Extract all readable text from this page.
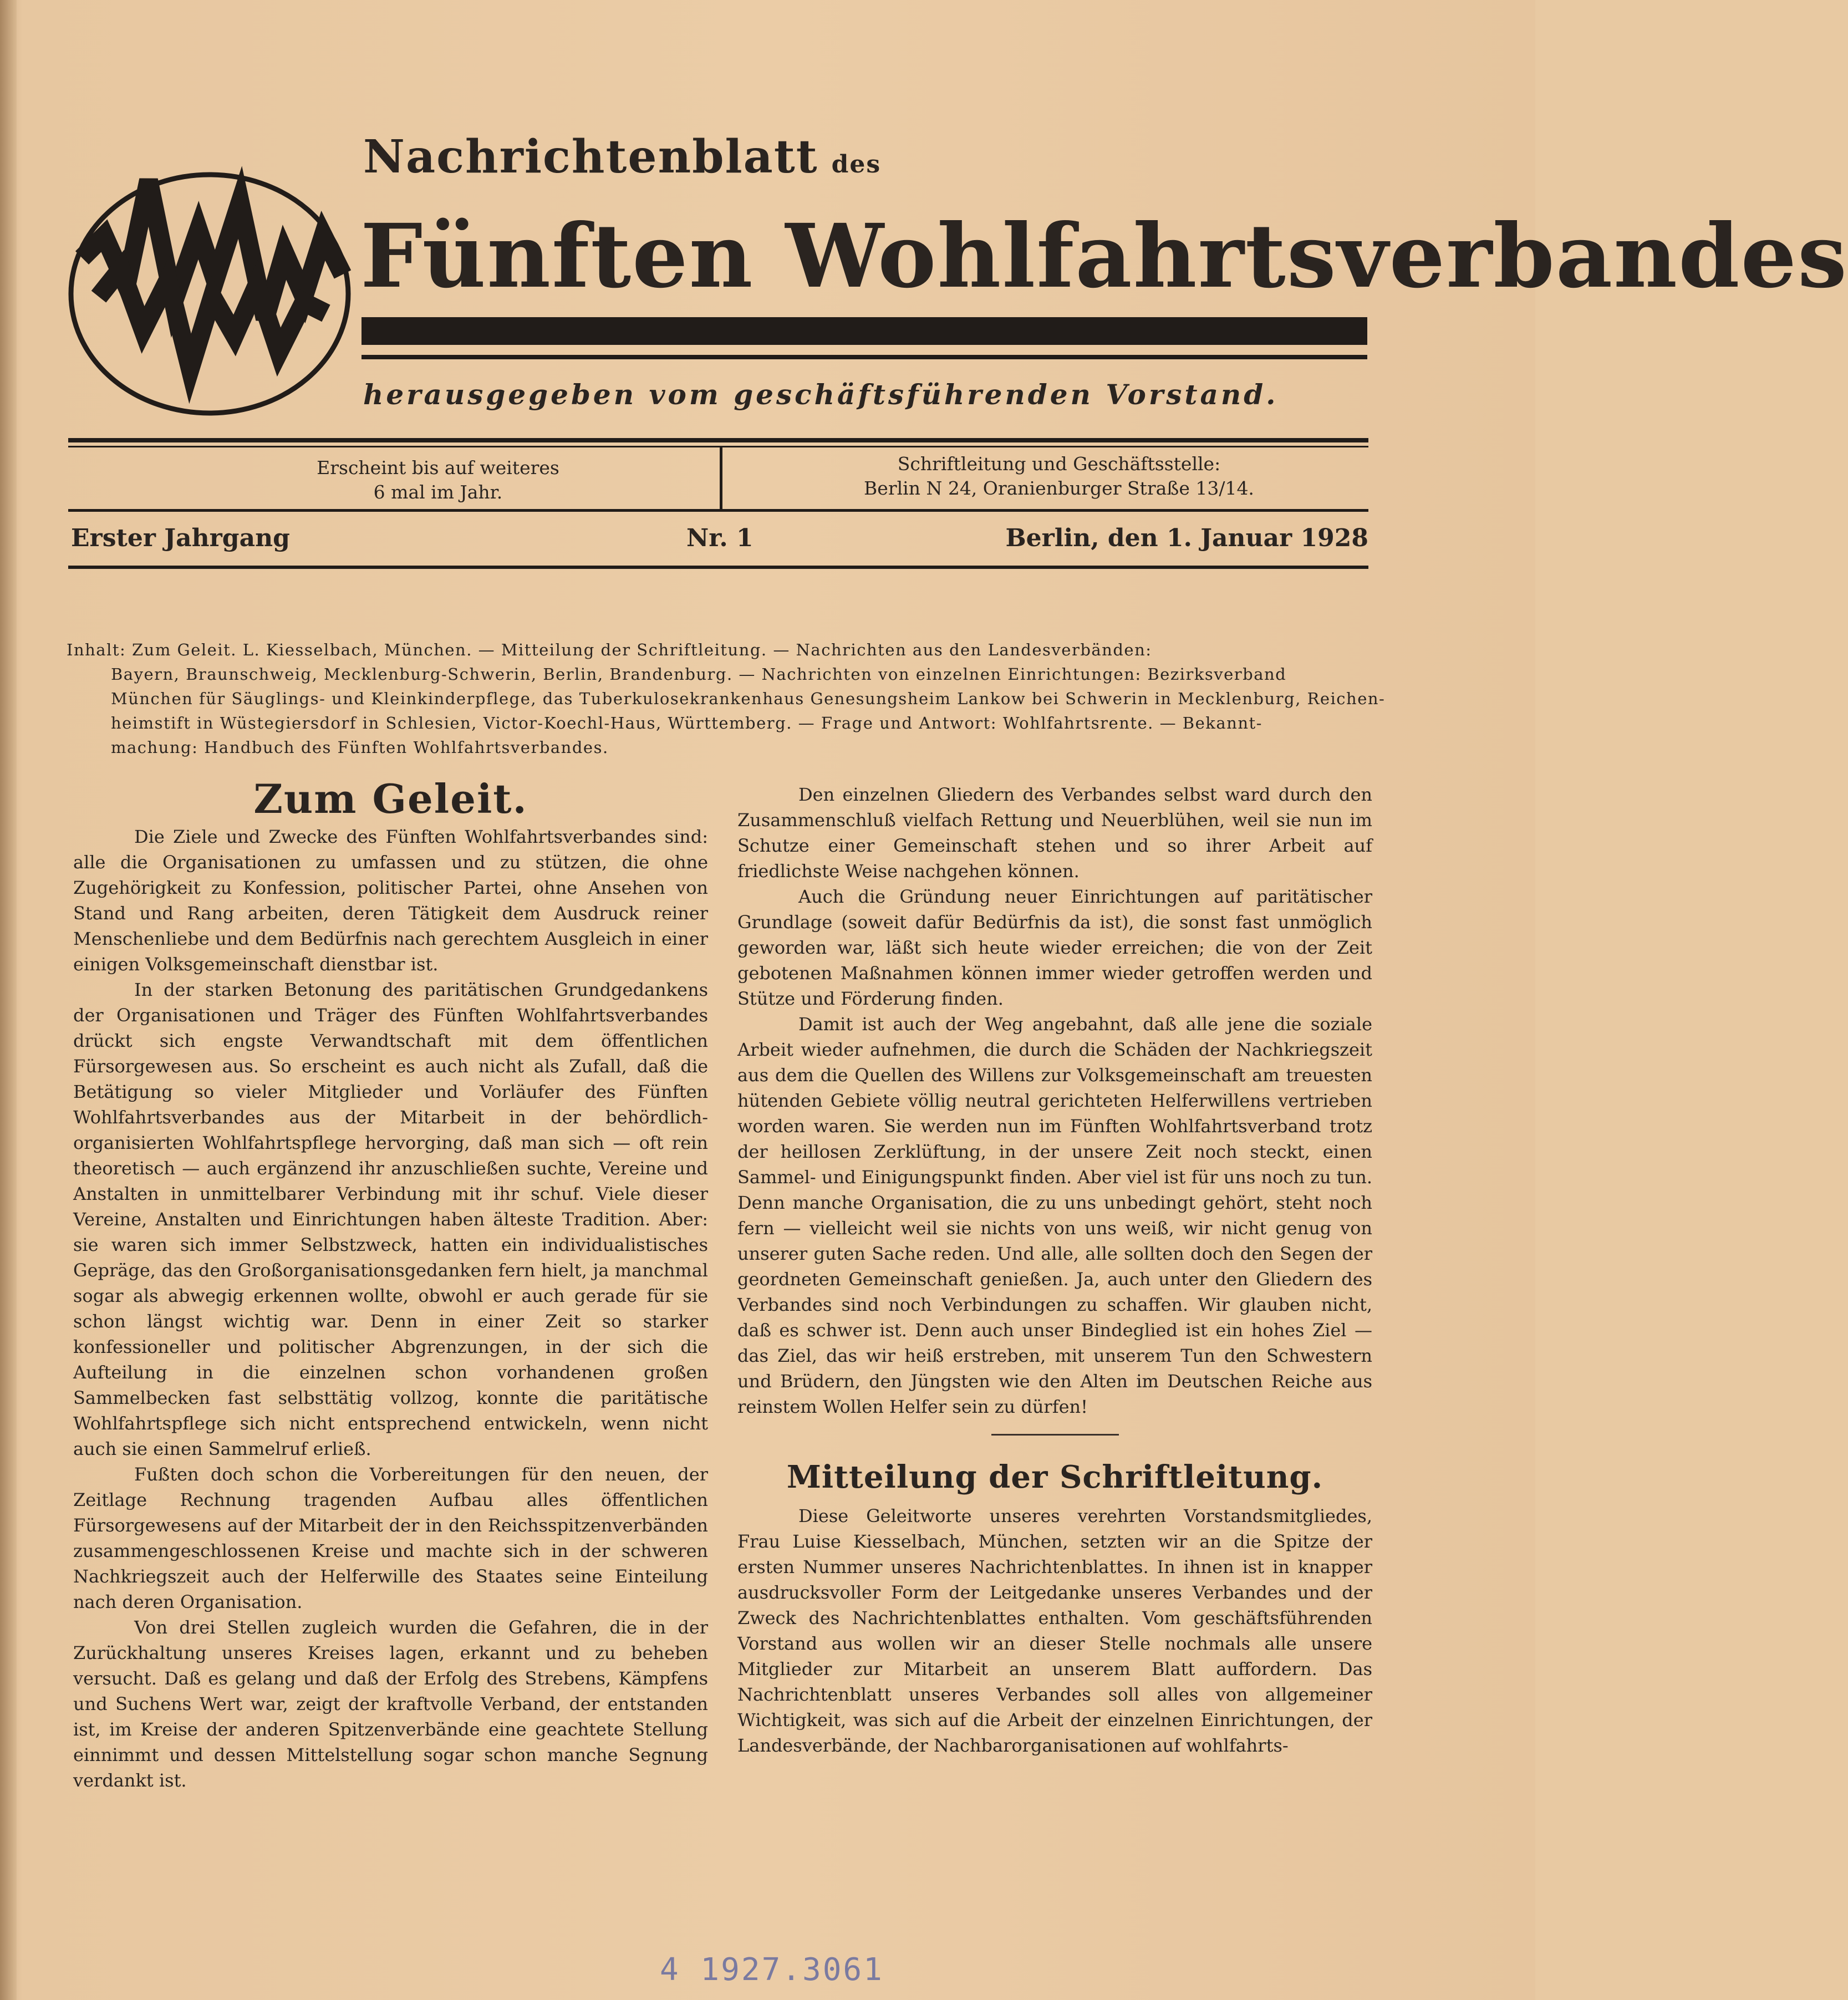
Nachrichtenblatt des
Fünften Wohlfahrtsverbandes
herausgegeben vom geschäftsführenden Vorstand.
Erscheint bis auf weiteres
6 mal im Jahr.
Schriftleitung und Geschäftsstelle:
Berlin N 24, Oranienburger Straße 13/14.
Erster Jahrgang	Nr. 1	Berlin, den 1. Januar 1928
Inhalt: Zum Geleit. L. Kiesselbach, München. — Mitteilung der Schriftleitung. — Nachrichten aus den Landesverbänden:
Bayern, Braunschweig, Mecklenburg-Schwerin, Berlin, Brandenburg. — Nachrichten von einzelnen Einrichtungen: Bezirksverband
München für Säuglings- und Kleinkinderpflege, das Tuberkulosekrankenhaus Genesungsheim Lankow bei Schwerin in Mecklenburg, Reichen-
heimstift in Wüstegiersdorf in Schlesien, Victor-Koechl-Haus, Württemberg. — Frage und Antwort: Wohlfahrtsrente. — Bekannt-
machung: Handbuch des Fünften Wohlfahrtsverbandes.
Zum Geleit.

Die Ziele und Zwecke des Fünften Wohlfahrtsverbandes sind: alle die Organisationen zu umfassen und zu stützen, die ohne Zugehörigkeit zu Konfession, politischer Partei, ohne Ansehen von Stand und Rang arbeiten, deren Tätigkeit dem Ausdruck reiner Menschenliebe und dem Bedürfnis nach gerechtem Ausgleich in einer einigen Volksgemeinschaft dienstbar ist.

In der starken Betonung des paritätischen Grundgedankens der Organisationen und Träger des Fünften Wohlfahrtsverbandes drückt sich engste Verwandtschaft mit dem öffentlichen Fürsorgewesen aus. So erscheint es auch nicht als Zufall, daß die Betätigung so vieler Mitglieder und Vorläufer des Fünften Wohlfahrtsverbandes aus der Mitarbeit in der behördlich-organisierten Wohlfahrtspflege hervorging, daß man sich — oft rein theoretisch — auch ergänzend ihr anzuschließen suchte, Vereine und Anstalten in unmittelbarer Verbindung mit ihr schuf. Viele dieser Vereine, Anstalten und Einrichtungen haben älteste Tradition. Aber: sie waren sich immer Selbstzweck, hatten ein individualistisches Gepräge, das den Großorganisationsgedanken fern hielt, ja manchmal sogar als abwegig erkennen wollte, obwohl er auch gerade für sie schon längst wichtig war. Denn in einer Zeit so starker konfessioneller und politischer Abgrenzungen, in der sich die Aufteilung in die einzelnen schon vorhandenen großen Sammelbecken fast selbsttätig vollzog, konnte die paritätische Wohlfahrtspflege sich nicht entsprechend entwickeln, wenn nicht auch sie einen Sammelruf erließ.

Fußten doch schon die Vorbereitungen für den neuen, der Zeitlage Rechnung tragenden Aufbau alles öffentlichen Fürsorgewesens auf der Mitarbeit der in den Reichsspitzenverbänden zusammengeschlossenen Kreise und machte sich in der schweren Nachkriegszeit auch der Helferwille des Staates seine Einteilung nach deren Organisation.

Von drei Stellen zugleich wurden die Gefahren, die in der Zurückhaltung unseres Kreises lagen, erkannt und zu beheben versucht. Daß es gelang und daß der Erfolg des Strebens, Kämpfens und Suchens Wert war, zeigt der kraftvolle Verband, der entstanden ist, im Kreise der anderen Spitzenverbände eine geachtete Stellung einnimmt und dessen Mittelstellung sogar schon manche Segnung verdankt ist.

Den einzelnen Gliedern des Verbandes selbst ward durch den Zusammenschluß vielfach Rettung und Neuerblühen, weil sie nun im Schutze einer Gemeinschaft stehen und so ihrer Arbeit auf friedlichste Weise nachgehen können.

Auch die Gründung neuer Einrichtungen auf paritätischer Grundlage (soweit dafür Bedürfnis da ist), die sonst fast unmöglich geworden war, läßt sich heute wieder erreichen; die von der Zeit gebotenen Maßnahmen können immer wieder getroffen werden und Stütze und Förderung finden.

Damit ist auch der Weg angebahnt, daß alle jene die soziale Arbeit wieder aufnehmen, die durch die Schäden der Nachkriegszeit aus dem die Quellen des Willens zur Volksgemeinschaft am treuesten hütenden Gebiete völlig neutral gerichteten Helferwillens vertrieben worden waren. Sie werden nun im Fünften Wohlfahrtsverband trotz der heillosen Zerklüftung, in der unsere Zeit noch steckt, einen Sammel- und Einigungspunkt finden. Aber viel ist für uns noch zu tun. Denn manche Organisation, die zu uns unbedingt gehört, steht noch fern — vielleicht weil sie nichts von uns weiß, wir nicht genug von unserer guten Sache reden. Und alle, alle sollten doch den Segen der geordneten Gemeinschaft genießen. Ja, auch unter den Gliedern des Verbandes sind noch Verbindungen zu schaffen. Wir glauben nicht, daß es schwer ist. Denn auch unser Bindeglied ist ein hohes Ziel — das Ziel, das wir heiß erstreben, mit unserem Tun den Schwestern und Brüdern, den Jüngsten wie den Alten im Deutschen Reiche aus reinstem Wollen Helfer sein zu dürfen!

Mitteilung der Schriftleitung.

Diese Geleitworte unseres verehrten Vorstandsmitgliedes, Frau Luise Kiesselbach, München, setzten wir an die Spitze der ersten Nummer unseres Nachrichtenblattes. In ihnen ist in knapper ausdrucksvoller Form der Leitgedanke unseres Verbandes und der Zweck des Nachrichtenblattes enthalten. Vom geschäftsführenden Vorstand aus wollen wir an dieser Stelle nochmals alle unsere Mitglieder zur Mitarbeit an unserem Blatt auffordern. Das Nachrichtenblatt unseres Verbandes soll alles von allgemeiner Wichtigkeit, was sich auf die Arbeit der einzelnen Einrichtungen, der Landesverbände, der Nachbarorganisationen auf wohlfahrts-

4 1927.3061
